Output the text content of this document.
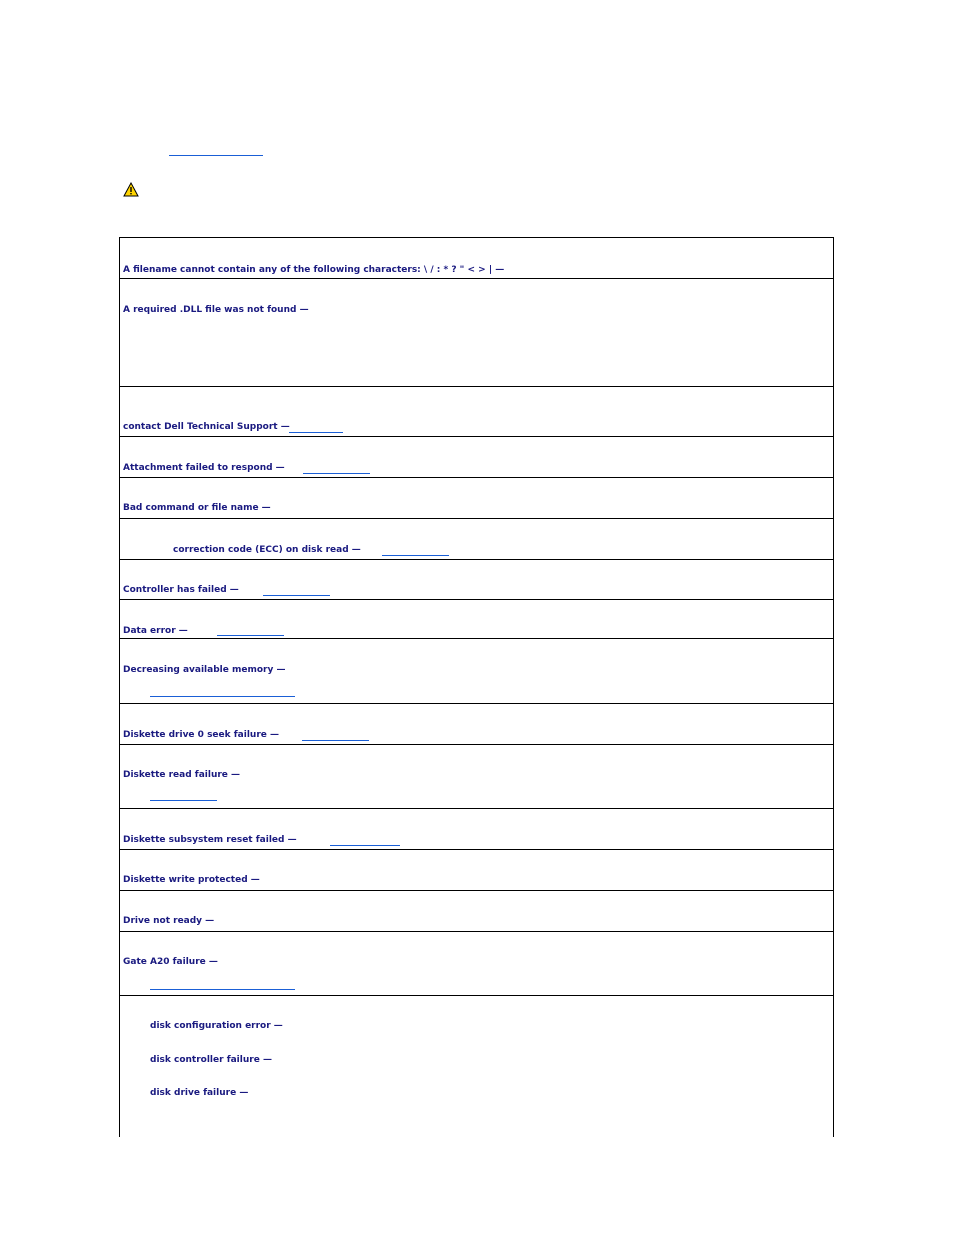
A filename cannot contain any of the following characters: \ / : * ? " < > | —
A required .DLL file was not found —
contact Dell Technical Support —
Attachment failed to respond —
Bad command or file name —
correction code (ECC) on disk read —
Controller has failed —
Data error —
Decreasing available memory —
Diskette drive 0 seek failure —
Diskette read failure —
Diskette subsystem reset failed —
Diskette write protected —
Drive not ready —
Gate A20 failure —
disk configuration error —
disk controller failure —
disk drive failure —
